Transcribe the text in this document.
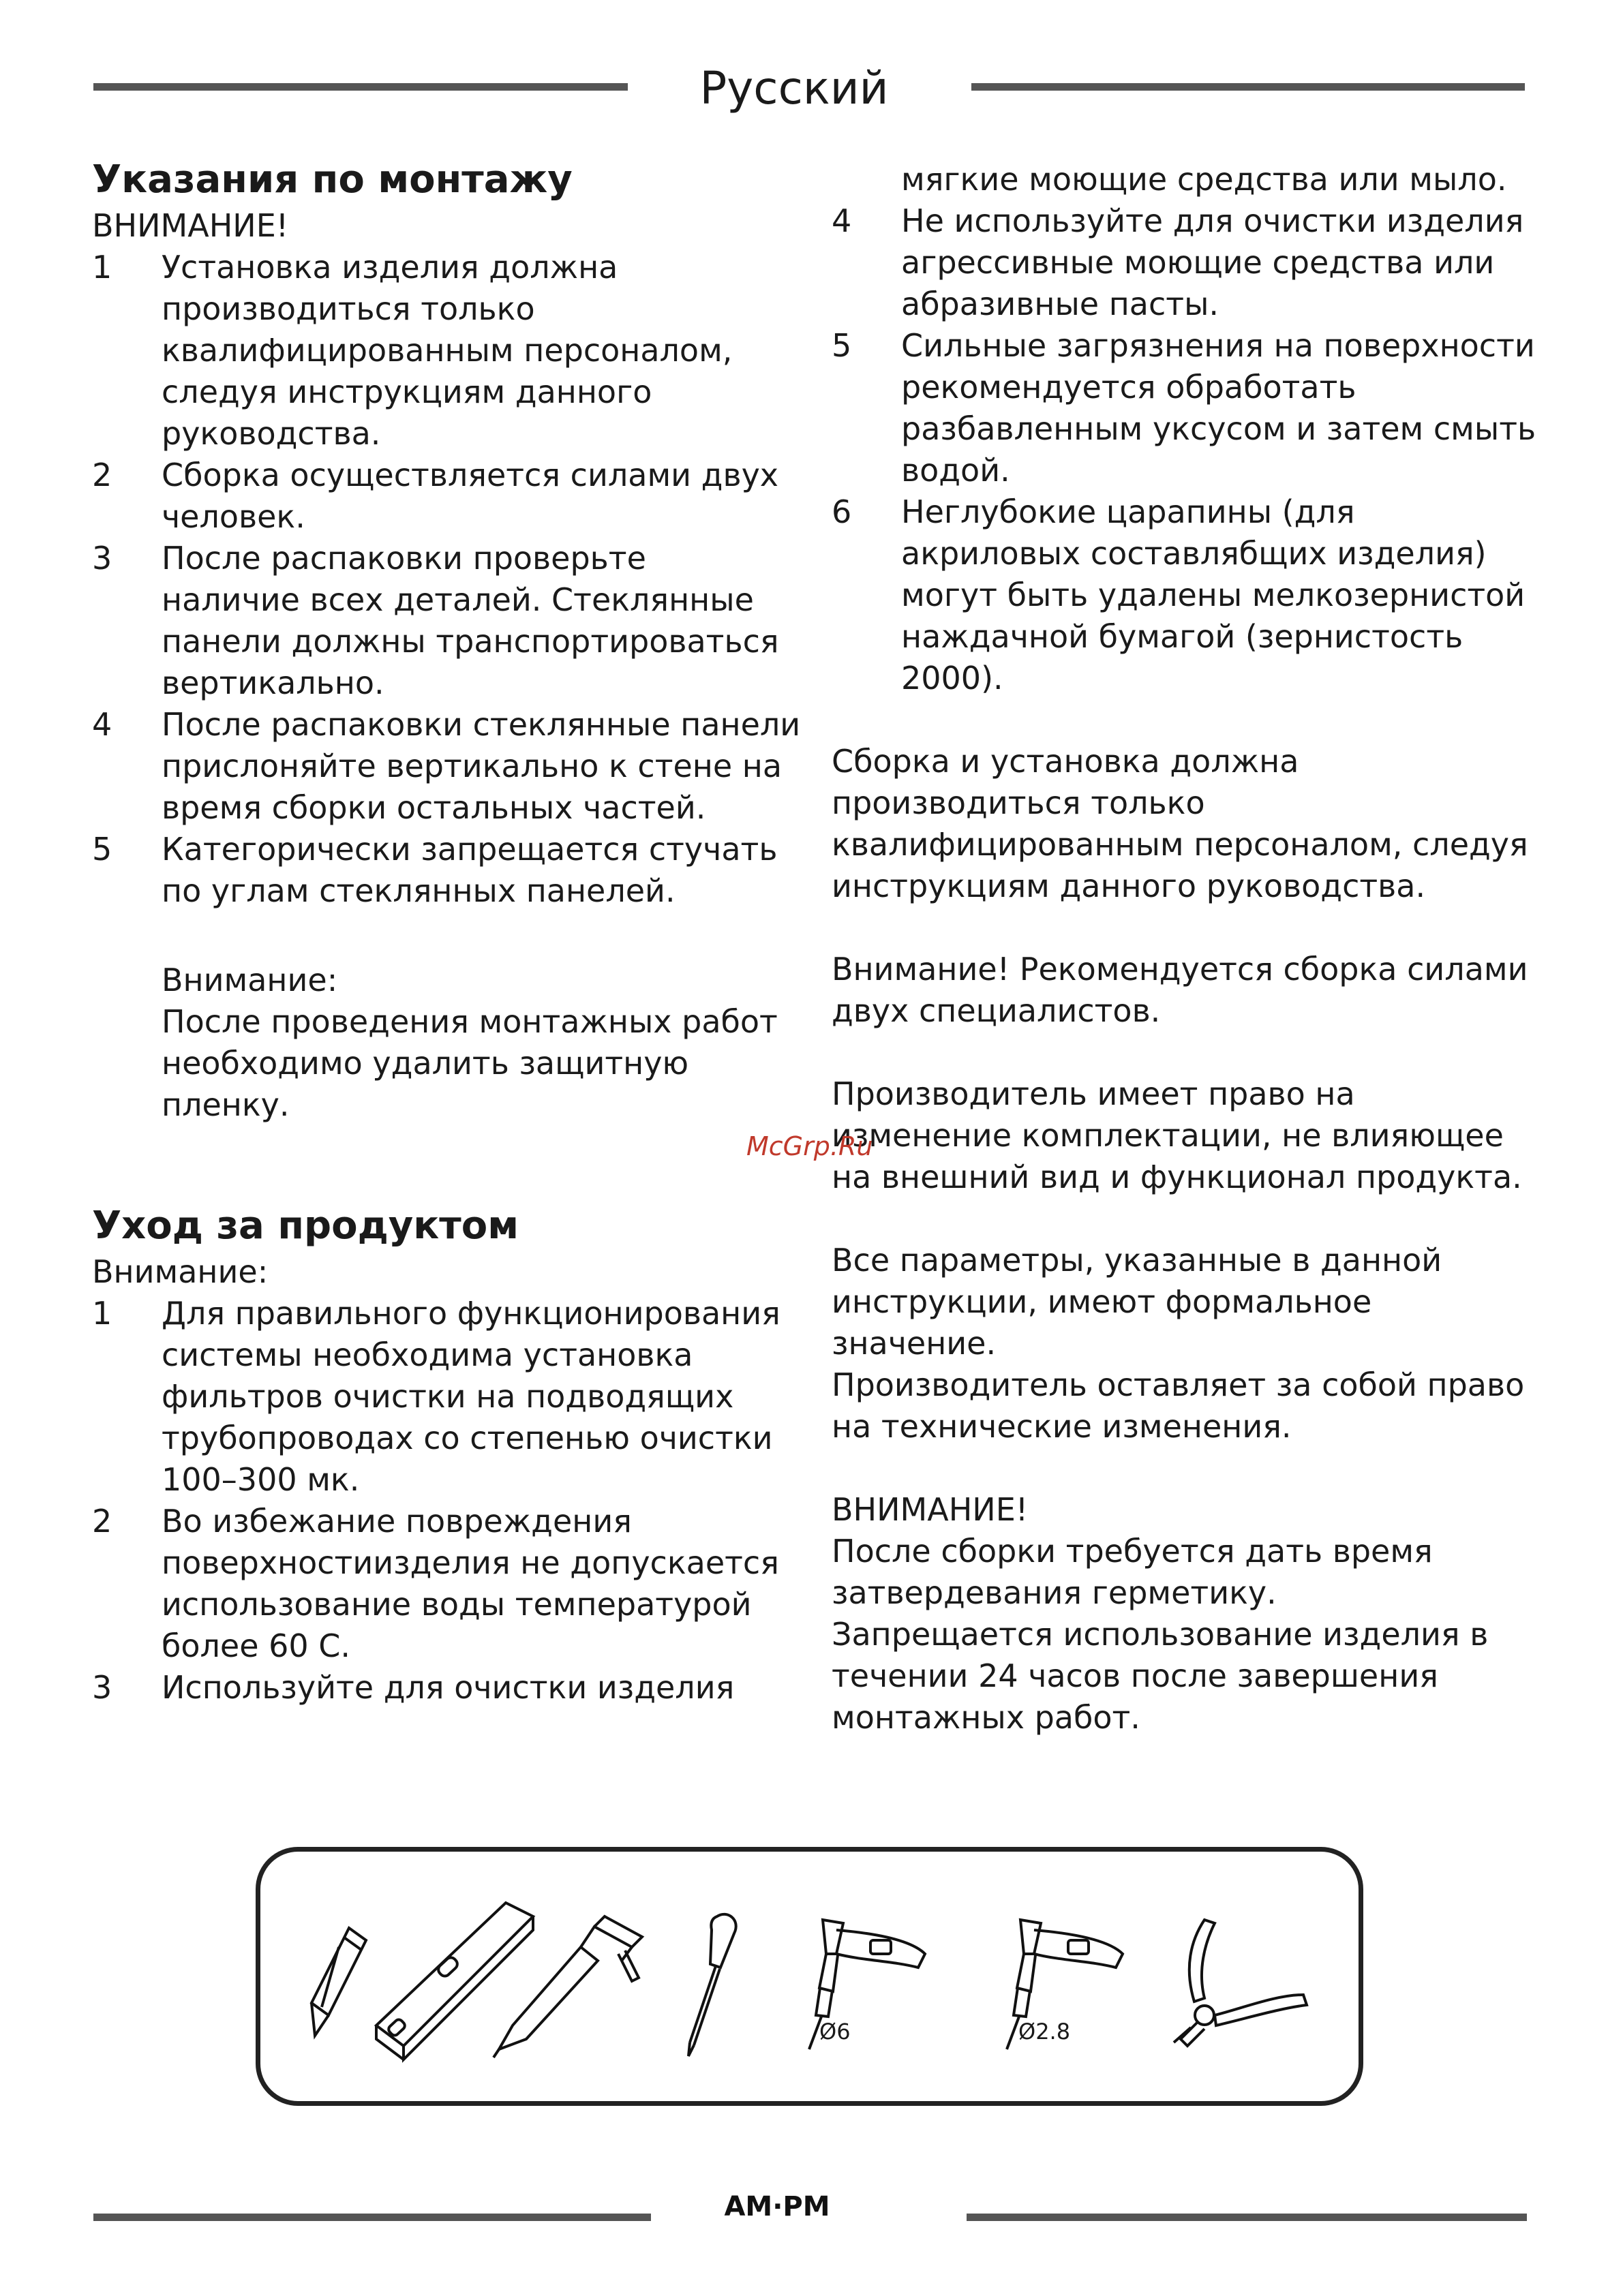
Русский
Указания по монтажу
ВНИМАНИЕ!
1 Установка изделия должна
производиться только
квалифицированным персоналом,
следуя инструкциям данного
руководства.
2 Сборка осуществляется силами двух
человек.
3 После распаковки проверьте
наличие всех деталей. Стеклянные
панели должны транспортироваться
вертикально.
4 После распаковки стеклянные панели
прислоняйте вертикально к стене на
время сборки остальных частей.
5 Категорически запрещается стучать
по углам стеклянных панелей.
Внимание:
После проведения монтажных работ
необходимо удалить защитную
пленку.
Уход за продуктом
Внимание:
1 Для правильного функционирования
системы необходима установка
фильтров очистки на подводящих
трубопроводах со степенью очистки
100–300 мк.
2 Во избежание повреждения
поверхностиизделия не допускается
использование воды температурой
более 60 С.
3 Используйте для очистки изделия
мягкие моющие средства или мыло.
4 Не используйте для очистки изделия
агрессивные моющие средства или
абразивные пасты.
5 Сильные загрязнения на поверхности
рекомендуется обработать
разбавленным уксусом и затем смыть
водой.
6 Неглубокие царапины (для
акриловых составлябщих изделия)
могут быть удалены мелкозернистой
наждачной бумагой (зернистость
2000).
Сборка и установка должна
производиться только
квалифицированным персоналом, следуя
инструкциям данного руководства.
Внимание! Рекомендуется сборка силами
двух специалистов.
Производитель имеет право на
изменение комплектации, не влияющее
на внешний вид и функционал продукта.
Все параметры, указанные в данной
инструкции, имеют формальное значение.
Производитель оставляет за собой право
на технические изменения.
ВНИМАНИЕ!
После сборки требуется дать время
затвердевания герметику.
Запрещается использование изделия в
течении 24 часов после завершения
монтажных работ.
McGrp.Ru
Ø6	Ø2.8
AM·PM
